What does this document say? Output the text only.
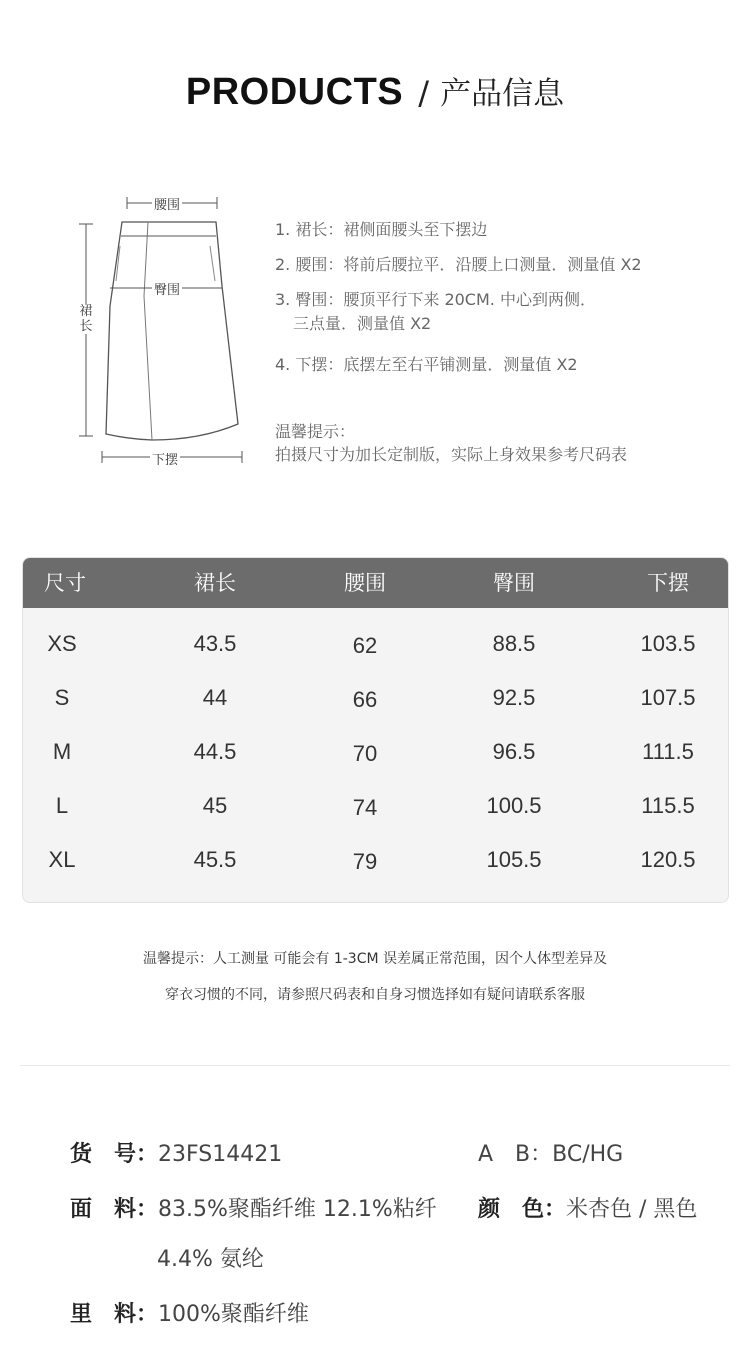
PRODUCTS / 产品信息
腰围
臀围
裙长
下摆
1. 裙长：裙侧面腰头至下摆边
2. 腰围：将前后腰拉平．沿腰上口测量．测量值 X2
3. 臀围：腰顶平行下来 20CM. 中心到两侧．
三点量．测量值 X2
4. 下摆：底摆左至右平铺测量．测量值 X2
温馨提示：
拍摄尺寸为加长定制版，实际上身效果参考尺码表
尺寸	裙长	腰围	臀围	下摆
XS	43.5	62	88.5	103.5
S	44	66	92.5	107.5
M	44.5	70	96.5	111.5
L	45	74	100.5	115.5
XL	45.5	79	105.5	120.5
温馨提示：人工测量 可能会有 1-3CM 误差属正常范围，因个人体型差异及
穿衣习惯的不同，请参照尺码表和自身习惯选择如有疑问请联系客服
货　号：23FS14421	A　B：BC/HG
面　料：83.5%聚酯纤维 12.1%粘纤
4.4% 氨纶
颜　色：米杏色 / 黑色
里　料：100%聚酯纤维
